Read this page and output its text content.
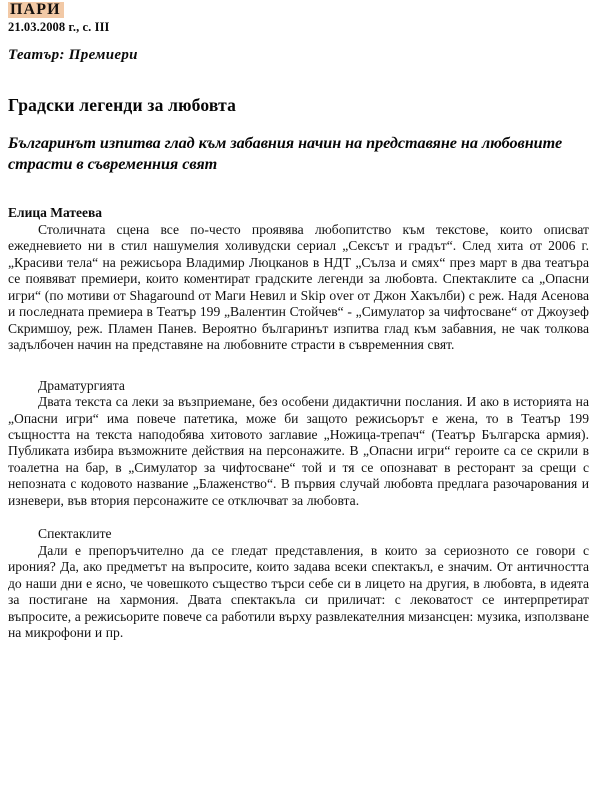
ПАРИ
21.03.2008 г., с. III
Театър: Премиери
Градски легенди за любовта
Българинът изпитва глад към забавния начин на представяне на любовните страсти в съвременния свят
Елица Матеева

Столичната сцена все по-често проявява любопитство към текстове, които описват ежедневието ни в стил нашумелия холивудски сериал „Сексът и градът“. След хита от 2006 г. „Красиви тела“ на режисьора Владимир Люцканов в НДТ „Сълза и смях“ през март в два театъра се появяват премиери, които коментират градските легенди за любовта. Спектаклите са „Опасни игри“ (по мотиви от Shagaround от Маги Невил и Skip over от Джон Хакълби) с реж. Надя Асенова и последната премиера в Театър 199 „Валентин Стойчев“ - „Симулатор за чифтосване“ от Джоузеф Скримшоу, реж. Пламен Панев. Вероятно българинът изпитва глад към забавния, не чак толкова задълбочен начин на представяне на любовните страсти в съвременния свят.

Драматургията

Двата текста са леки за възприемане, без особени дидактични послания. И ако в историята на „Опасни игри“ има повече патетика, може би защото режисьорът е жена, то в Театър 199 същността на текста наподобява хитовото заглавие „Ножица-трепач“ (Театър Българска армия). Публиката избира възможните действия на персонажите. В „Опасни игри“ героите са се скрили в тоалетна на бар, в „Симулатор за чифтосване“ той и тя се опознават в ресторант за срещи с непозната с кодовото название „Блаженство“. В първия случай любовта предлага разочарования и изневери, във втория персонажите се отключват за любовта.

Спектаклите

Дали е препоръчително да се гледат представления, в които за сериозното се говори с ирония? Да, ако предметът на въпросите, които задава всеки спектакъл, е значим. От античността до наши дни е ясно, че човешкото същество търси себе си в лицето на другия, в любовта, в идеята за постигане на хармония. Двата спектакъла си приличат: с лековатост се интерпретират въпросите, а режисьорите повече са работили върху развлекателния мизансцен: музика, използване на микрофони и пр.
